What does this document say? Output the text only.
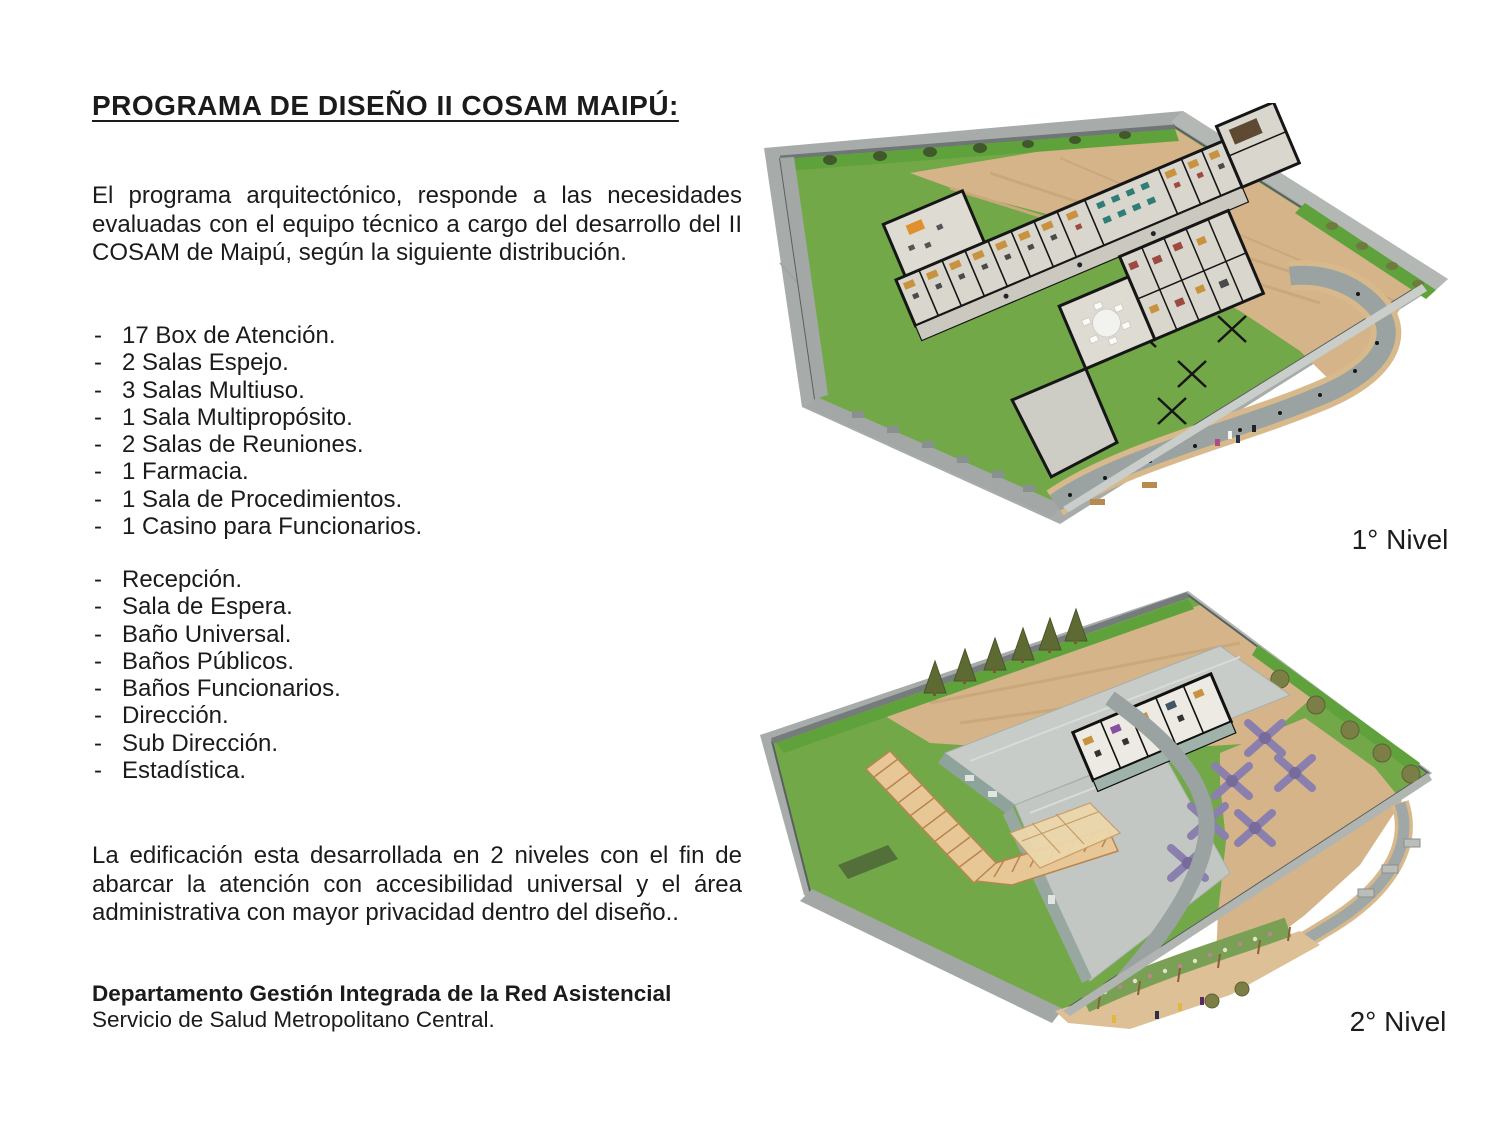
PROGRAMA DE DISEÑO II COSAM MAIPÚ:

El programa arquitectónico, responde a las necesidades evaluadas con el equipo técnico a cargo del desarrollo del II COSAM de Maipú, según la siguiente distribución.

- 17 Box de Atención.
- 2 Salas Espejo.
- 3 Salas Multiuso.
- 1 Sala Multipropósito.
- 2 Salas de Reuniones.
- 1 Farmacia.
- 1 Sala de Procedimientos.
- 1 Casino para Funcionarios.
- Recepción.
- Sala de Espera.
- Baño Universal.
- Baños Públicos.
- Baños Funcionarios.
- Dirección.
- Sub Dirección.
- Estadística.

La edificación esta desarrollada en 2 niveles con el fin de abarcar la atención con accesibilidad universal y el área administrativa con mayor privacidad dentro del diseño..

Departamento Gestión Integrada de la Red Asistencial

Servicio de Salud Metropolitano Central.

1° Nivel
2° Nivel
